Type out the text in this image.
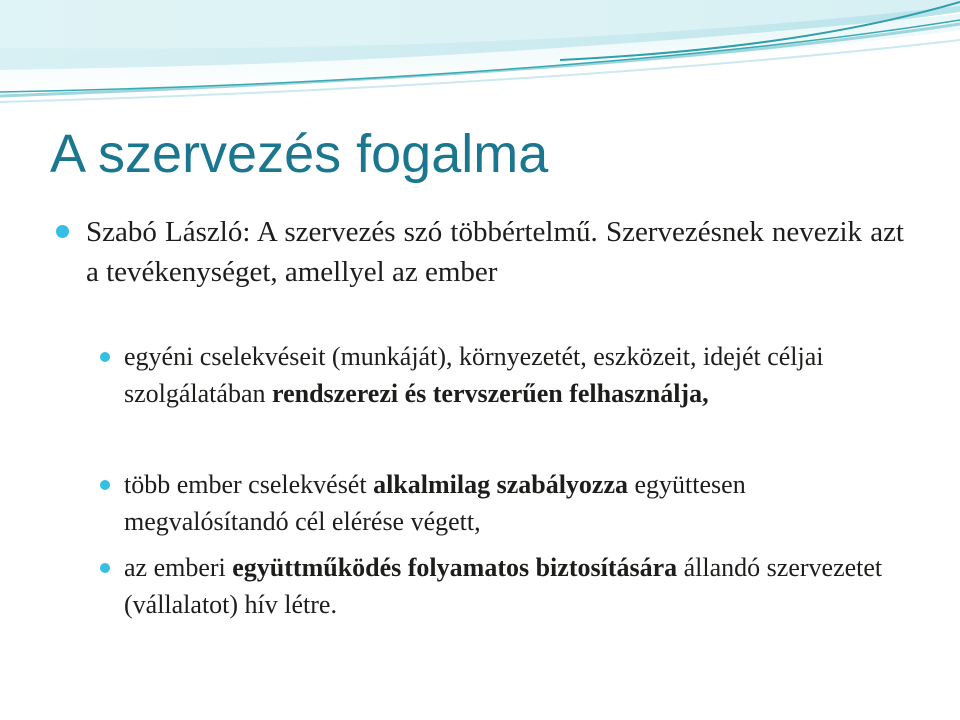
A szervezés fogalma
Szabó László: A szervezés szó többértelmű. Szervezésnek nevezik azt a tevékenységet, amellyel az ember
egyéni cselekvéseit (munkáját), környezetét, eszközeit, idejét céljai szolgálatában rendszerezi és tervszerűen felhasználja,
több ember cselekvését alkalmilag szabályozza együttesen megvalósítandó cél elérése végett,
az emberi együttműködés folyamatos biztosítására állandó szervezetet (vállalatot) hív létre.
